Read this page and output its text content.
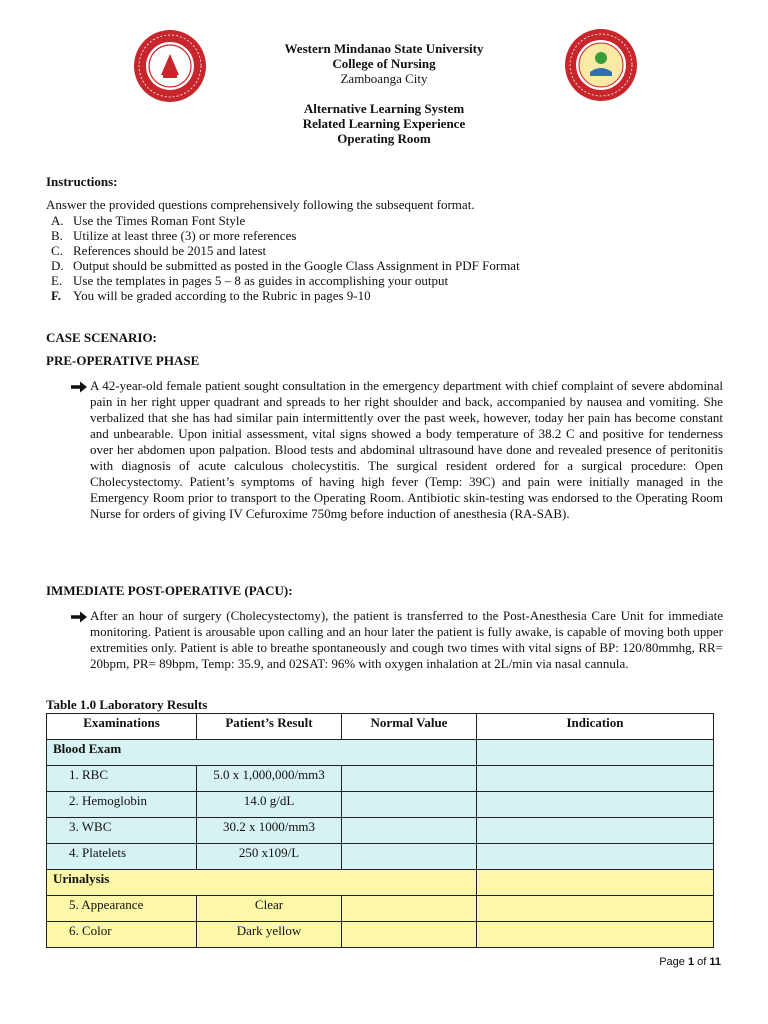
Western Mindanao State University
College of Nursing
Zamboanga City
Alternative Learning System
Related Learning Experience
Operating Room
Instructions:
Answer the provided questions comprehensively following the subsequent format.
A. Use the Times Roman Font Style
B. Utilize at least three (3) or more references
C. References should be 2015 and latest
D. Output should be submitted as posted in the Google Class Assignment in PDF Format
E. Use the templates in pages 5 – 8 as guides in accomplishing your output
F. You will be graded according to the Rubric in pages 9-10
CASE SCENARIO:
PRE-OPERATIVE PHASE
A 42-year-old female patient sought consultation in the emergency department with chief complaint of severe abdominal pain in her right upper quadrant and spreads to her right shoulder and back, accompanied by nausea and vomiting. She verbalized that she has had similar pain intermittently over the past week, however, today her pain has become constant and unbearable. Upon initial assessment, vital signs showed a body temperature of 38.2 C and positive for tenderness over her abdomen upon palpation. Blood tests and abdominal ultrasound have done and revealed presence of peritonitis with diagnosis of acute calculous cholecystitis. The surgical resident ordered for a surgical procedure: Open Cholecystectomy. Patient’s symptoms of having high fever (Temp: 39C) and pain were initially managed in the Emergency Room prior to transport to the Operating Room. Antibiotic skin-testing was endorsed to the Operating Room Nurse for orders of giving IV Cefuroxime 750mg before induction of anesthesia (RA-SAB).
IMMEDIATE POST-OPERATIVE (PACU):
After an hour of surgery (Cholecystectomy), the patient is transferred to the Post-Anesthesia Care Unit for immediate monitoring. Patient is arousable upon calling and an hour later the patient is fully awake, is capable of moving both upper extremities only. Patient is able to breathe spontaneously and cough two times with vital signs of BP: 120/80mmhg, RR= 20bpm, PR= 89bpm, Temp: 35.9, and 02SAT: 96% with oxygen inhalation at 2L/min via nasal cannula.
Table 1.0 Laboratory Results
Examinations	Patient’s Result	Normal Value	Indication
Blood Exam			
1. RBC	5.0 x 1,000,000/mm3		
2. Hemoglobin	14.0 g/dL		
3. WBC	30.2 x 1000/mm3		
4. Platelets	250 x109/L		
Urinalysis			
5. Appearance	Clear		
6. Color	Dark yellow		
Page 1 of 11
